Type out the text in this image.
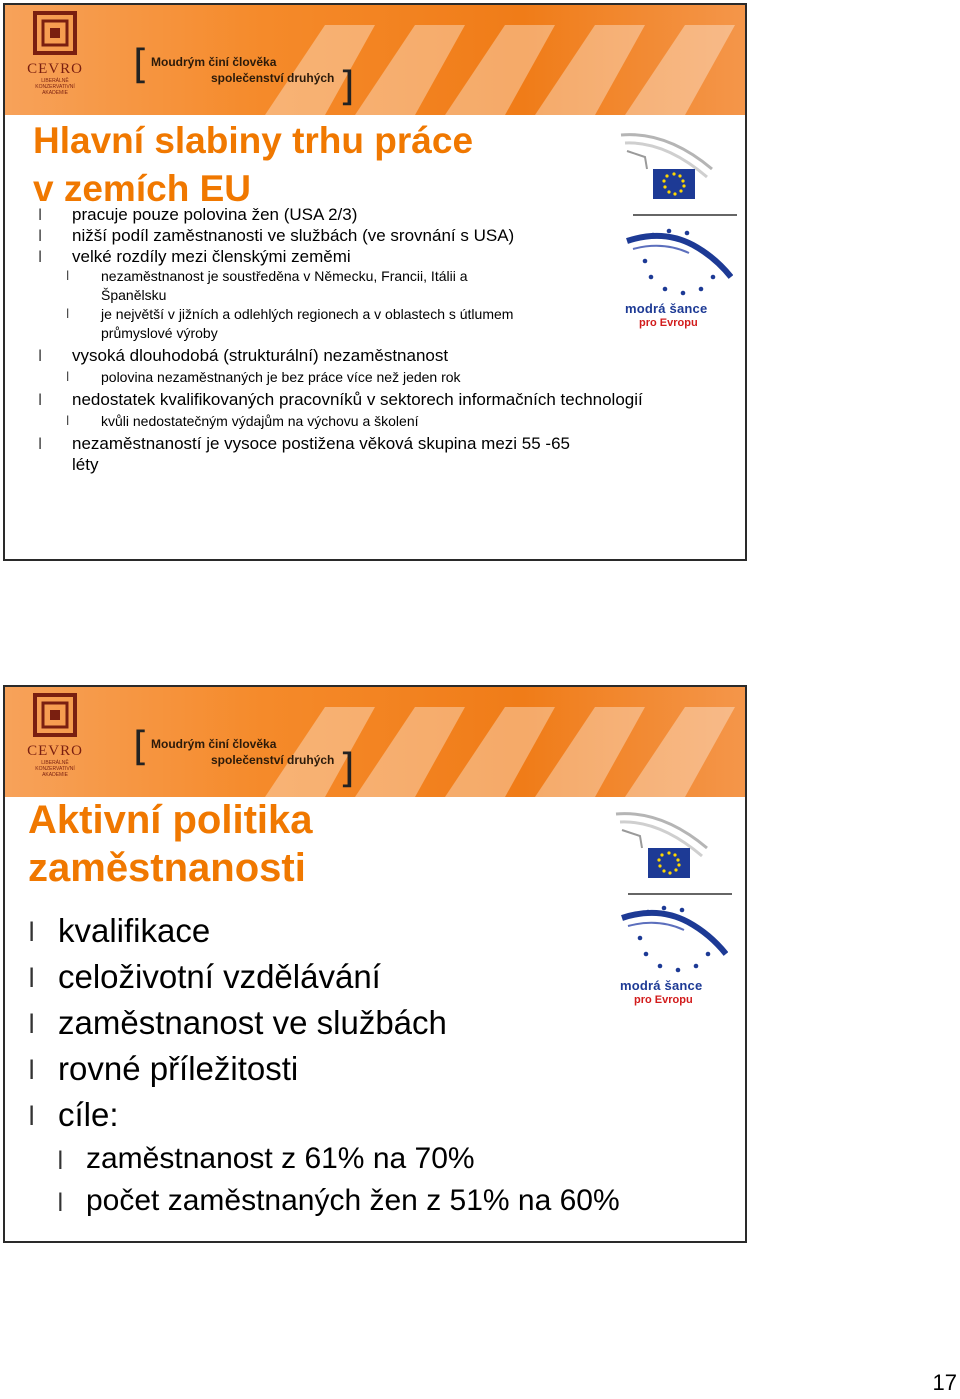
CEVRO
LIBERÁLNĚ
KONZERVATIVNÍ
AKADEMIE
[ Moudrým činí člověka
společenství druhých ]
Hlavní slabiny trhu práce
v zemích EU
modrá šance
pro Evropu
l pracuje pouze polovina žen (USA 2/3)
l nižší podíl zaměstnanosti ve službách (ve srovnání s USA)
l velké rozdíly mezi členskými zeměmi
l nezaměstnanost je soustředěna v Německu, Francii, Itálii a Španělsku
l je největší v jižních a odlehlých regionech a v oblastech s útlumem průmyslové výroby
l vysoká dlouhodobá (strukturální) nezaměstnanost
l polovina nezaměstnaných je bez práce více než jeden rok
l nedostatek kvalifikovaných pracovníků v sektorech informačních technologií
l kvůli nedostatečným výdajům na výchovu a školení
l nezaměstnaností je vysoce postižena věková skupina mezi 55 -65 léty
CEVRO
LIBERÁLNĚ
KONZERVATIVNÍ
AKADEMIE
[ Moudrým činí člověka
společenství druhých ]
Aktivní politika
zaměstnanosti
modrá šance
pro Evropu
l kvalifikace
l celoživotní vzdělávání
l zaměstnanost ve službách
l rovné příležitosti
l cíle:
l zaměstnanost z 61% na 70%
l počet zaměstnaných žen z 51% na 60%
17
